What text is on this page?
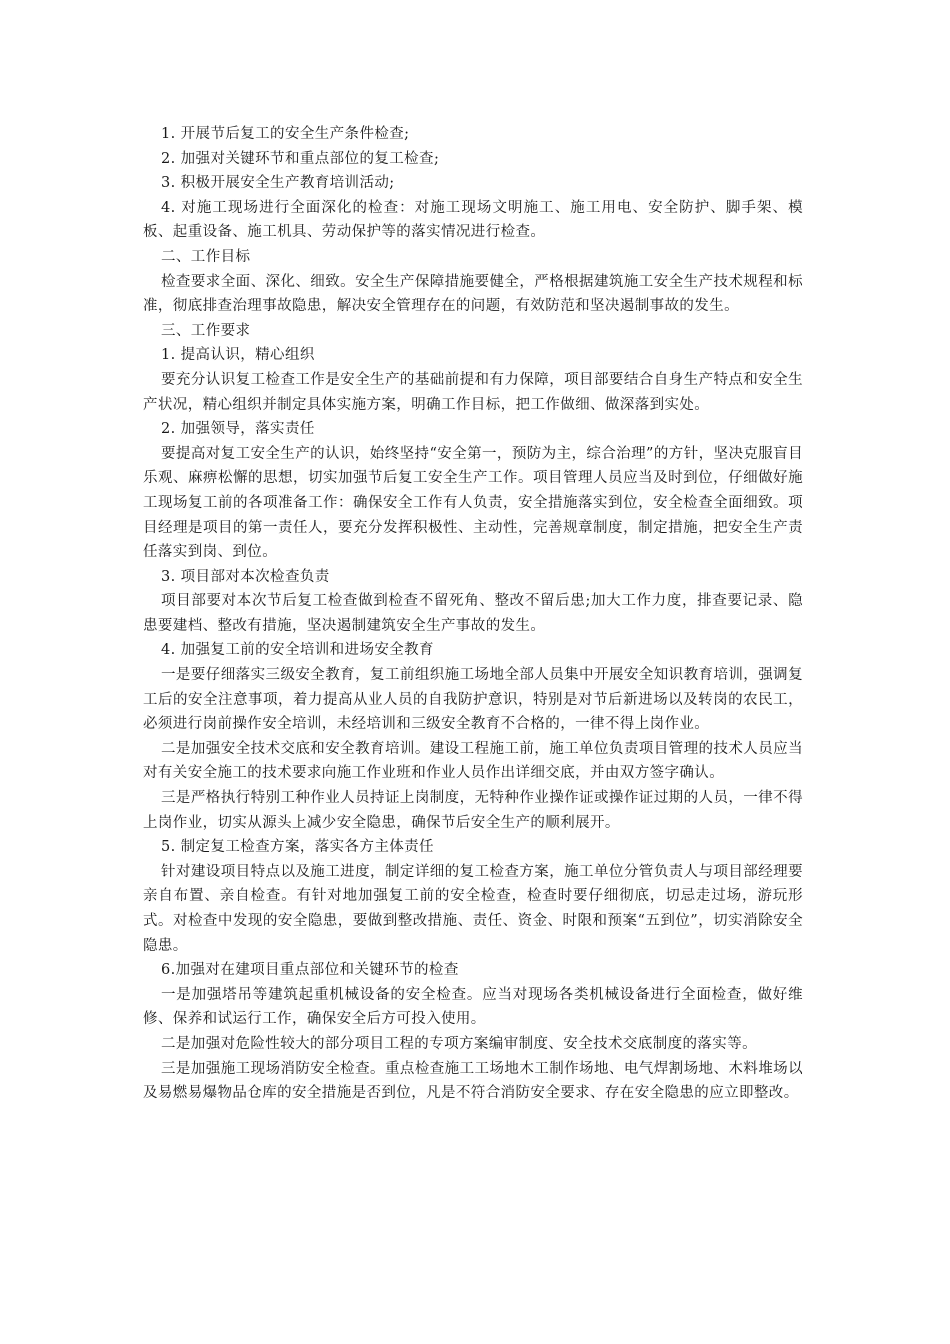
1. 开展节后复工的安全生产条件检查;

2. 加强对关键环节和重点部位的复工检查;

3. 积极开展安全生产教育培训活动;

4. 对施工现场进行全面深化的检查：对施工现场文明施工、施工用电、安全防护、脚手架、模板、起重设备、施工机具、劳动保护等的落实情况进行检查。

二、工作目标

检查要求全面、深化、细致。安全生产保障措施要健全，严格根据建筑施工安全生产技术规程和标准，彻底排查治理事故隐患，解决安全管理存在的问题，有效防范和坚决遏制事故的发生。

三、工作要求

1. 提高认识，精心组织

要充分认识复工检查工作是安全生产的基础前提和有力保障，项目部要结合自身生产特点和安全生产状况，精心组织并制定具体实施方案，明确工作目标，把工作做细、做深落到实处。

2. 加强领导，落实责任

要提高对复工安全生产的认识，始终坚持“安全第一，预防为主，综合治理”的方针，坚决克服盲目乐观、麻痹松懈的思想，切实加强节后复工安全生产工作。项目管理人员应当及时到位，仔细做好施工现场复工前的各项准备工作：确保安全工作有人负责，安全措施落实到位，安全检查全面细致。项目经理是项目的第一责任人，要充分发挥积极性、主动性，完善规章制度，制定措施，把安全生产责任落实到岗、到位。

3. 项目部对本次检查负责

项目部要对本次节后复工检查做到检查不留死角、整改不留后患;加大工作力度，排查要记录、隐患要建档、整改有措施，坚决遏制建筑安全生产事故的发生。

4. 加强复工前的安全培训和进场安全教育

一是要仔细落实三级安全教育，复工前组织施工场地全部人员集中开展安全知识教育培训，强调复工后的安全注意事项，着力提高从业人员的自我防护意识，特别是对节后新进场以及转岗的农民工，必须进行岗前操作安全培训，未经培训和三级安全教育不合格的，一律不得上岗作业。

二是加强安全技术交底和安全教育培训。建设工程施工前，施工单位负责项目管理的技术人员应当对有关安全施工的技术要求向施工作业班和作业人员作出详细交底，并由双方签字确认。

三是严格执行特别工种作业人员持证上岗制度，无特种作业操作证或操作证过期的人员，一律不得上岗作业，切实从源头上减少安全隐患，确保节后安全生产的顺利展开。

5. 制定复工检查方案，落实各方主体责任

针对建设项目特点以及施工进度，制定详细的复工检查方案，施工单位分管负责人与项目部经理要亲自布置、亲自检查。有针对地加强复工前的安全检查，检查时要仔细彻底，切忌走过场，游玩形式。对检查中发现的安全隐患，要做到整改措施、责任、资金、时限和预案“五到位”，切实消除安全隐患。

6.加强对在建项目重点部位和关键环节的检查

一是加强塔吊等建筑起重机械设备的安全检查。应当对现场各类机械设备进行全面检查，做好维修、保养和试运行工作，确保安全后方可投入使用。

二是加强对危险性较大的部分项目工程的专项方案编审制度、安全技术交底制度的落实等。

三是加强施工现场消防安全检查。重点检查施工工场地木工制作场地、电气焊割场地、木料堆场以及易燃易爆物品仓库的安全措施是否到位，凡是不符合消防安全要求、存在安全隐患的应立即整改。
